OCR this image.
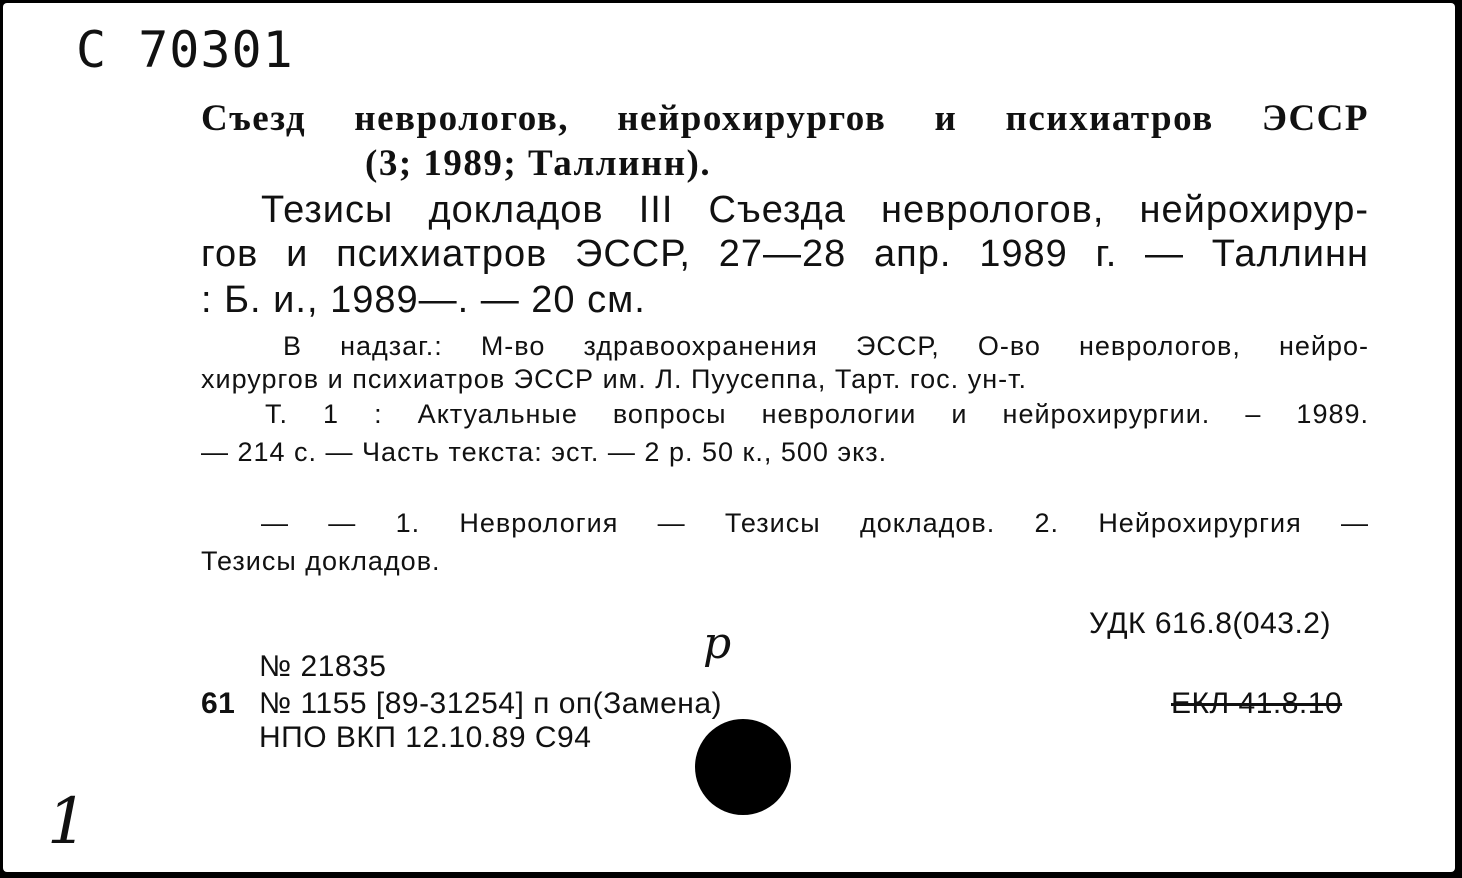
C 70301
Съезд неврологов, нейрохирургов и психиатров ЭССР
(3; 1989; Таллинн).
Тезисы докладов III Съезда неврологов, нейрохирур-
гов и психиатров ЭССР, 27—28 апр. 1989 г. — Таллинн
: Б. и., 1989—. — 20 см.
В надзаг.: М-во здравоохранения ЭССР, О-во неврологов, нейро-
хирургов и психиатров ЭССР им. Л. Пуусеппа, Тарт. гос. ун-т.
Т. 1 : Актуальные вопросы неврологии и нейрохирургии. – 1989.
— 214 с. — Часть текста: эст. — 2 р. 50 к., 500 экз.
— — 1. Неврология — Тезисы докладов. 2. Нейрохирургия —
Тезисы докладов.
УДК 616.8(043.2)
р
№ 21835
61 № 1155 [89-31254] п оп(Замена)	ЕКЛ 41.8.10
НПО ВКП 12.10.89 С94
1
